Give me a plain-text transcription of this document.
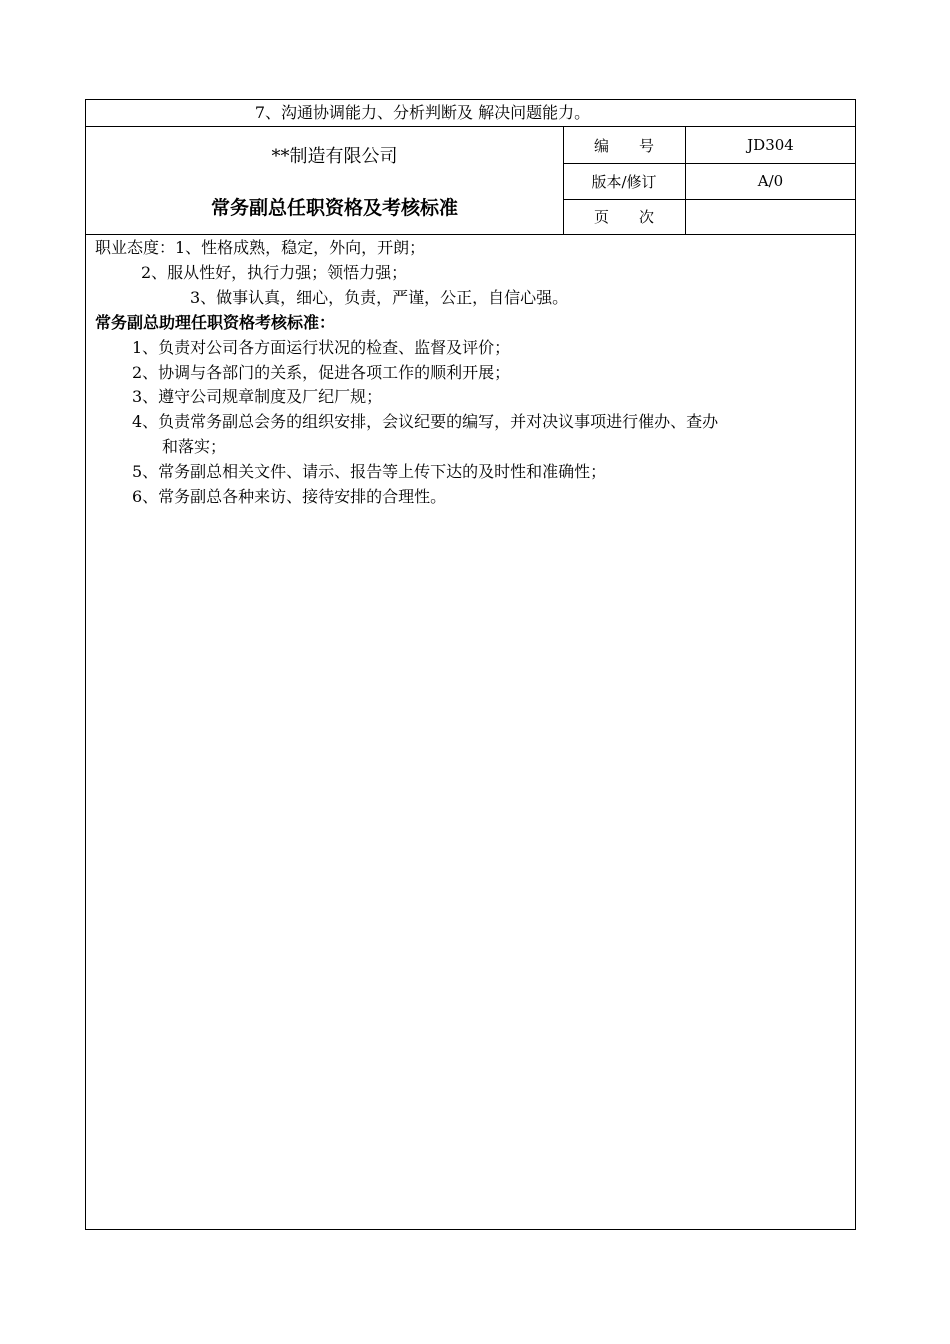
7、沟通协调能力、分析判断及 解决问题能力。
**制造有限公司
常务副总任职资格及考核标准
编　　号	JD304
版本/修订	A/0
页　　次
职业态度：1、性格成熟，稳定，外向，开朗；
2、服从性好，执行力强；领悟力强；
3、做事认真，细心，负责，严谨，公正，自信心强。
常务副总助理任职资格考核标准：
1、负责对公司各方面运行状况的检查、监督及评价；
2、协调与各部门的关系，促进各项工作的顺利开展；
3、遵守公司规章制度及厂纪厂规；
4、负责常务副总会务的组织安排，会议纪要的编写，并对决议事项进行催办、查办
和落实；
5、常务副总相关文件、请示、报告等上传下达的及时性和准确性；
6、常务副总各种来访、接待安排的合理性。
